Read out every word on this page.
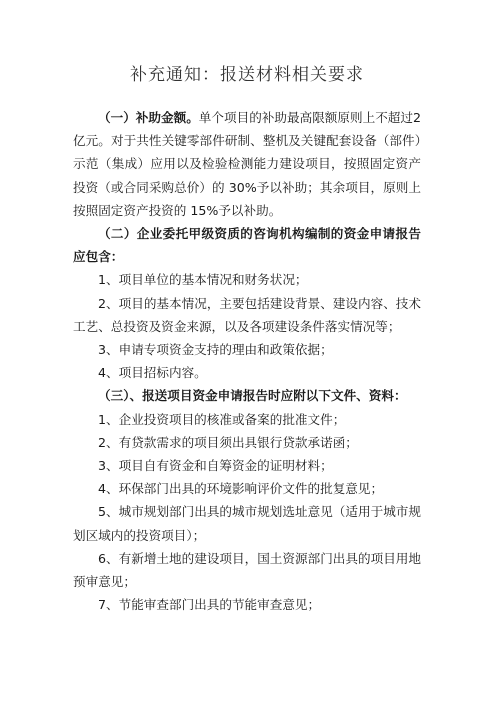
补充通知：报送材料相关要求

（一）补助金额。单个项目的补助最高限额原则上不超过2亿元。对于共性关键零部件研制、整机及关键配套设备（部件）示范（集成）应用以及检验检测能力建设项目，按照固定资产投资（或合同采购总价）的 30%予以补助；其余项目，原则上按照固定资产投资的 15%予以补助。

（二）企业委托甲级资质的咨询机构编制的资金申请报告应包含：

1、项目单位的基本情况和财务状况；

2、项目的基本情况，主要包括建设背景、建设内容、技术工艺、总投资及资金来源，以及各项建设条件落实情况等；

3、申请专项资金支持的理由和政策依据；

4、项目招标内容。

（三）、报送项目资金申请报告时应附以下文件、资料：

1、企业投资项目的核准或备案的批准文件；

2、有贷款需求的项目须出具银行贷款承诺函；

3、项目自有资金和自筹资金的证明材料；

4、环保部门出具的环境影响评价文件的批复意见；

5、城市规划部门出具的城市规划选址意见（适用于城市规划区域内的投资项目）；

6、有新增土地的建设项目，国土资源部门出具的项目用地预审意见；

7、节能审查部门出具的节能审查意见；
